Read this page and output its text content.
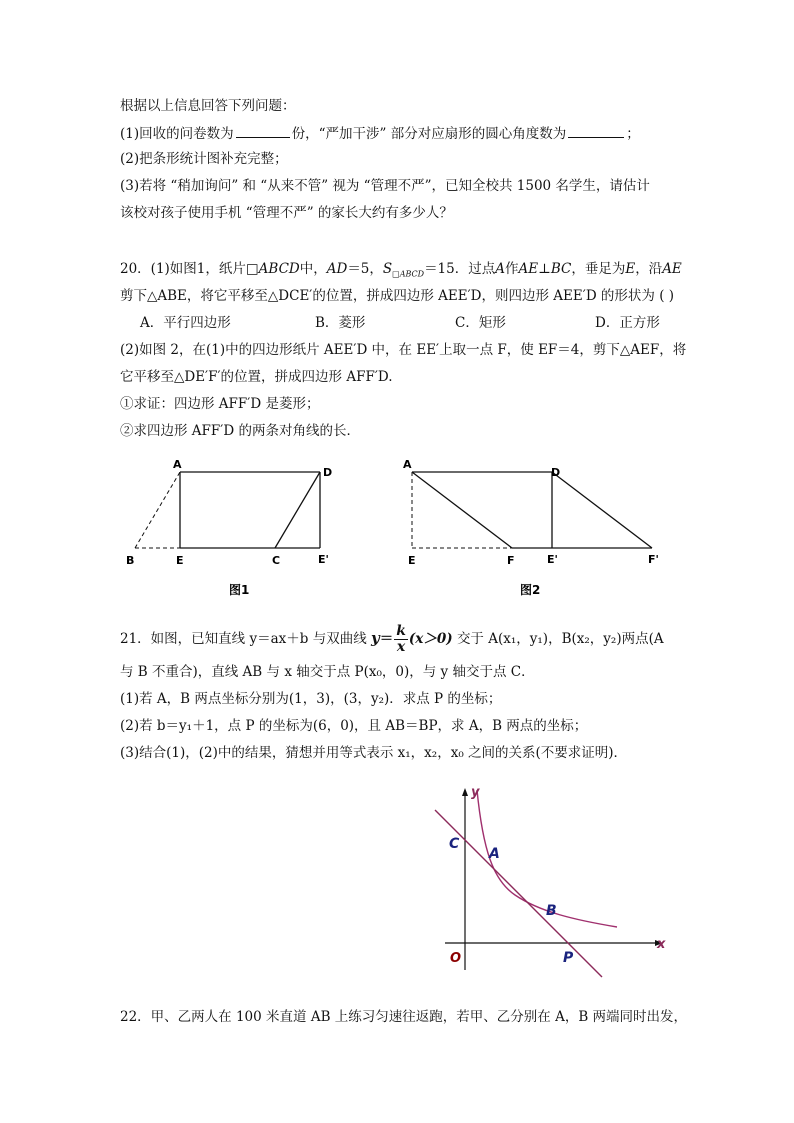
根据以上信息回答下列问题：
(1)回收的问卷数为	份，“严加干涉” 部分对应扇形的圆心角度数为	；
(2)把条形统计图补充完整；
(3)若将 “稍加询问” 和 “从来不管” 视为 “管理不严”，已知全校共 1500 名学生，请估计
该校对孩子使用手机 “管理不严” 的家长大约有多少人？
20．(1)如图1，纸片□ABCD中，AD＝5，$S_{□ABCD}=15$．过点A作AE⊥BC，垂足为E，沿AE
剪下△ABE，将它平移至△DCE′的位置，拼成四边形 AEE′D，则四边形 AEE′D 的形状为 ( )
A．平行四边形	B．菱形	C．矩形	D．正方形
(2)如图 2，在(1)中的四边形纸片 AEE′D 中，在 EE′上取一点 F，使 EF＝4，剪下△AEF，将
它平移至△DE′F′的位置，拼成四边形 AFF′D.
①求证：四边形 AFF′D 是菱形；
②求四边形 AFF′D 的两条对角线的长．
A
D
B	E	C	E'
图1
A
D
E	F	E'	F'
图2
21．如图，已知直线 y＝ax＋b 与双曲线 $y= \frac{k}{x} (x>0)$ 交于 A(x₁，y₁)，B(x₂，y₂)两点(A
与 B 不重合)，直线 AB 与 x 轴交于点 P(x₀，0)，与 y 轴交于点 C．
(1)若 A，B 两点坐标分别为(1，3)，(3，y₂)．求点 P 的坐标；
(2)若 b＝y₁＋1，点 P 的坐标为(6，0)，且 AB＝BP，求 A，B 两点的坐标；
(3)结合(1)，(2)中的结果，猜想并用等式表示 x₁，x₂，x₀ 之间的关系(不要求证明)．
y
x
O
C
A
B
P
22．甲、乙两人在 100 米直道 AB 上练习匀速往返跑，若甲、乙分别在 A，B 两端同时出发，
